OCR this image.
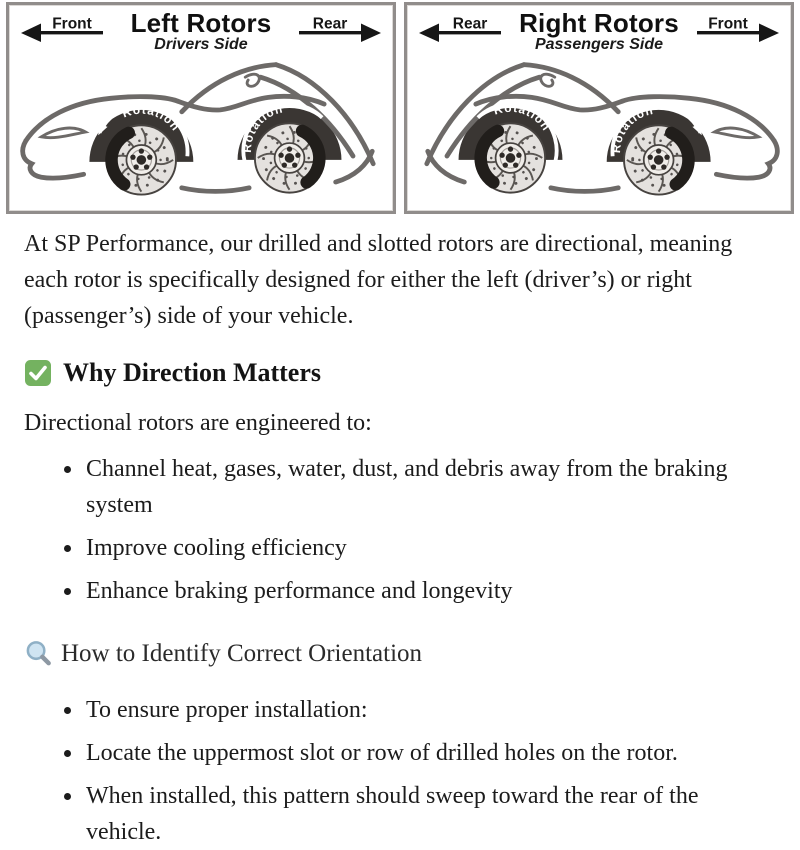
Front	Left Rotors
Drivers Side
Rear
Rotation
Rotation
Rear Right Rotors
Passengers Side
Front
Rotation
Rotation

At SP Performance, our drilled and slotted rotors are directional, meaning each rotor is specifically designed for either the left (driver’s) or right (passenger’s) side of your vehicle.

Why Direction Matters

Directional rotors are engineered to:

• Channel heat, gases, water, dust, and debris away from the braking system
• Improve cooling efficiency
• Enhance braking performance and longevity
How to Identify Correct Orientation
• To ensure proper installation:
• Locate the uppermost slot or row of drilled holes on the rotor.
• When installed, this pattern should sweep toward the rear of the vehicle.
